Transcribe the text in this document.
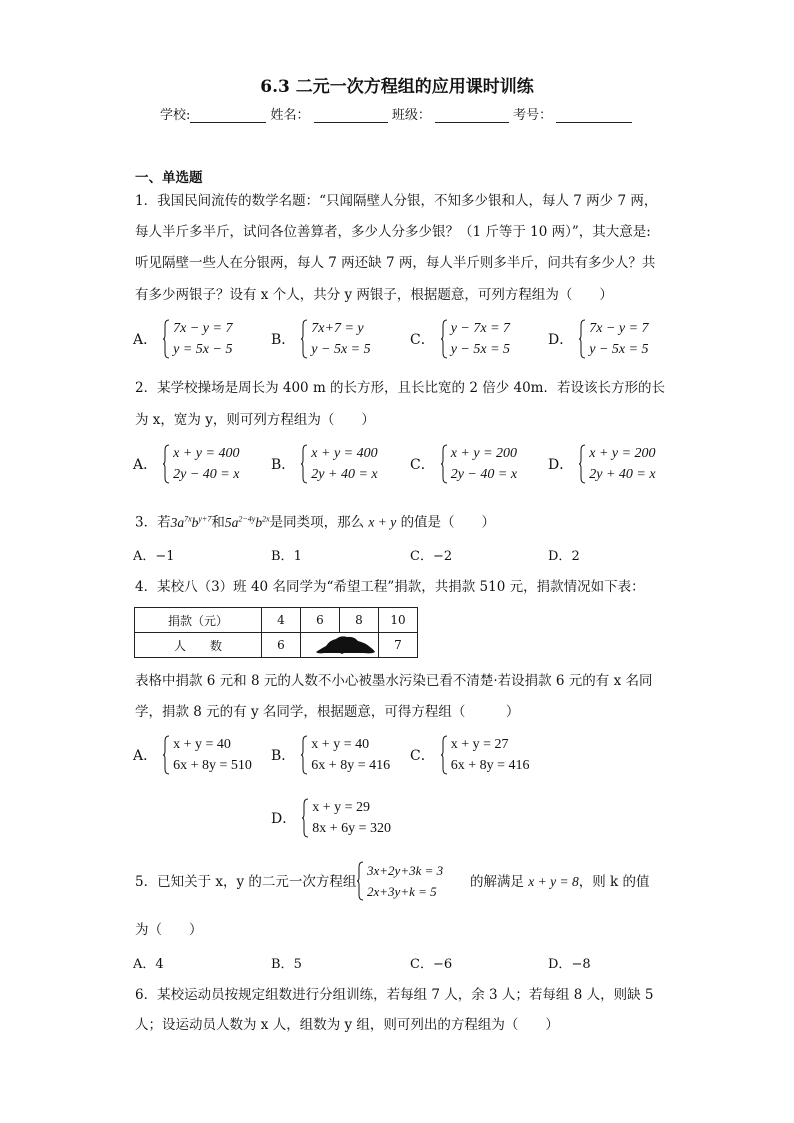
6.3 二元一次方程组的应用课时训练
学校:	姓名：	班级：	考号：
一、单选题
1．我国民间流传的数学名题：“只闻隔壁人分银，不知多少银和人，每人 7 两少 7 两，
每人半斤多半斤，试问各位善算者，多少人分多少银？（1 斤等于 10 两）”，其大意是:
听见隔壁一些人在分银两，每人 7 两还缺 7 两，每人半斤则多半斤，问共有多少人？共
有多少两银子？设有 x 个人，共分 y 两银子，根据题意，可列方程组为（　　）
A．
7x − y = 7
y = 5x − 5
B．
7x+7 = y
y − 5x = 5
C．
y − 7x = 7
y − 5x = 5
D．
7x − y = 7
y − 5x = 5
2．某学校操场是周长为 400 m 的长方形，且长比宽的 2 倍少 40m．若设该长方形的长
为 x，宽为 y，则可列方程组为（　　）
A．
x + y = 400
2y − 40 = x
B．
x + y = 400
2y + 40 = x
C．
x + y = 200
2y − 40 = x
D．
x + y = 200
2y + 40 = x
3．若$3a^{7x}b^{y+7}$和$5a^{2-4y}b^{2x}$是同类项，那么 x + y 的值是（　　）
A．−1	B．1	C．−2	D．2
4．某校八（3）班 40 名同学为“希望工程”捐款，共捐款 510 元，捐款情况如下表：
捐款（元）	4	6	8	10
人　　数	6			7
表格中捐款 6 元和 8 元的人数不小心被墨水污染已看不清楚·若设捐款 6 元的有 x 名同
学，捐款 8 元的有 y 名同学，根据题意，可得方程组（　　　）
A．
x + y = 40
6x + 8y = 510
B．
x + y = 40
6x + 8y = 416
C．
x + y = 27
6x + 8y = 416
D．
x + y = 29
8x + 6y = 320
5．已知关于 x，y 的二元一次方程组
3x+2y+3k = 3
2x+3y+k = 5
的解满足 x + y = 8，则 k 的值
为（　　）
A．4	B．5	C．−6	D．−8
6．某校运动员按规定组数进行分组训练，若每组 7 人，余 3 人；若每组 8 人，则缺 5
人；设运动员人数为 x 人，组数为 y 组，则可列出的方程组为（　　）
